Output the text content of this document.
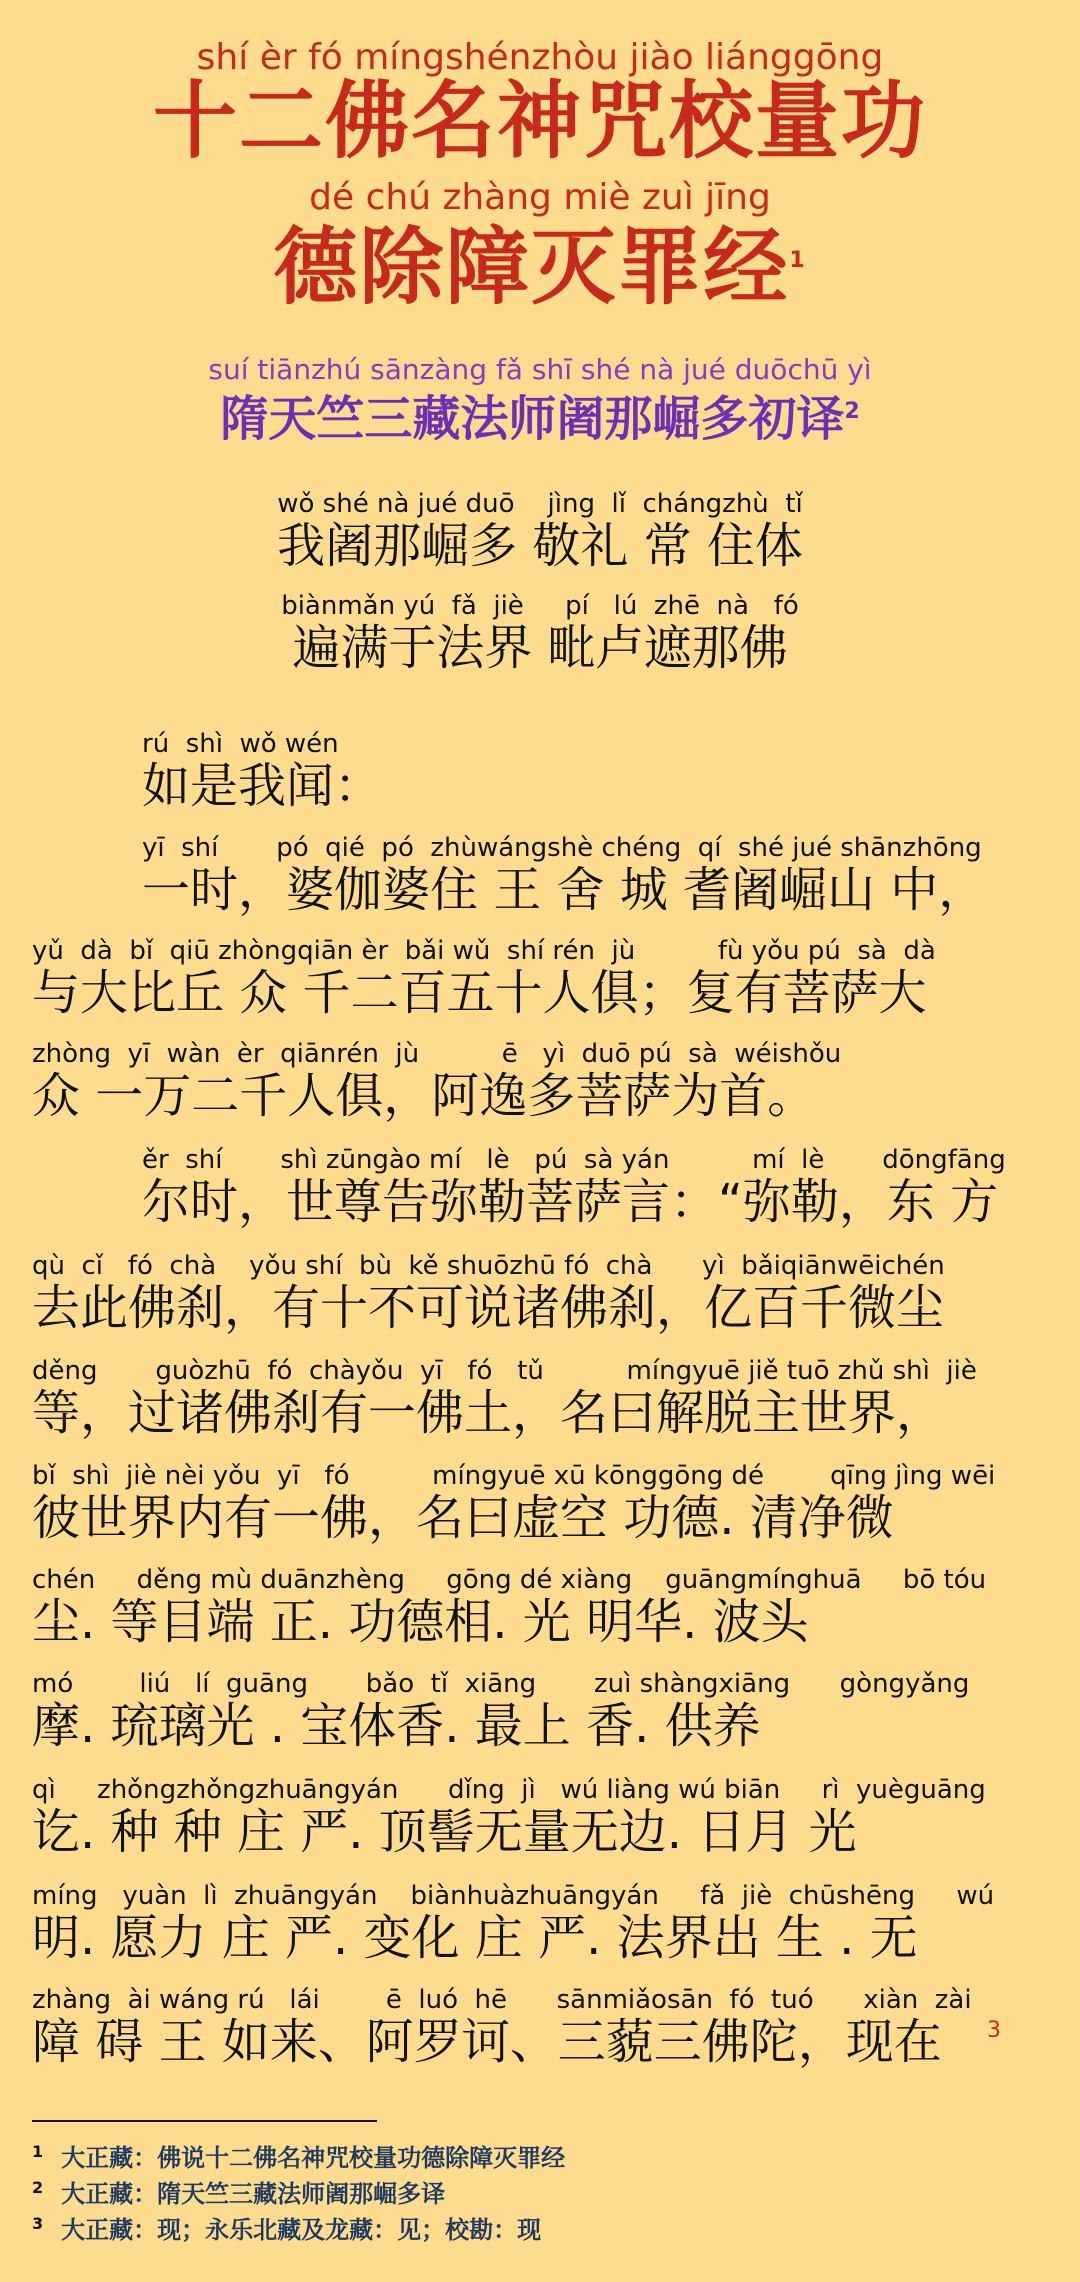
shí èr fó míngshénzhòu jiào liánggōng
十二佛名神咒校量功
dé chú zhàng miè zuì jīng
德除障灭罪经$^1$
suí tiānzhú sānzàng fǎ shī shé nà jué duōchū yì
隋天竺三藏法师阇那崛多初译$^2$
wǒ shé nà jué duō    jìng  lǐ  chángzhù  tǐ
我阇那崛多 敬礼 常 住体
biànmǎn yú  fǎ  jiè     pí   lú  zhē  nà   fó
遍满于法界 毗卢遮那佛
rú  shì  wǒ wén
如是我闻：
yī  shí       pó  qié  pó  zhùwángshè chéng  qí  shé jué shānzhōng
一时，婆伽婆住 王 舍 城 耆阇崛山 中，
yǔ  dà  bǐ  qiū zhòngqiān èr  bǎi wǔ  shí rén  jù          fù yǒu pú  sà  dà
与大比丘 众 千二百五十人俱；复有菩萨大
zhòng  yī  wàn  èr  qiānrén  jù          ē   yì  duō pú  sà  wéishǒu
众 一万二千人俱，阿逸多菩萨为首。
ěr  shí       shì zūngào mí   lè   pú  sà yán          mí  lè       dōngfāng
尔时，世尊告弥勒菩萨言：“弥勒，东 方
qù  cǐ   fó  chà    yǒu shí  bù  kě shuōzhū fó  chà      yì  bǎiqiānwēichén
去此佛刹，有十不可说诸佛刹，亿百千微尘
děng       guòzhū  fó  chàyǒu  yī   fó   tǔ          míngyuē jiě tuō zhǔ shì  jiè
等，过诸佛刹有一佛土，名曰解脱主世界，
bǐ  shì  jiè nèi yǒu  yī   fó          míngyuē xū kōnggōng dé        qīng jìng wēi
彼世界内有一佛，名曰虚空 功德. 清净微
chén     děng mù duānzhèng     gōng dé xiàng    guāngmínghuā     bō tóu
尘. 等目端 正. 功德相. 光 明华. 波头
mó        liú   lí  guāng       bǎo  tǐ  xiāng       zuì shàngxiāng      gòngyǎng
摩. 琉璃光 . 宝体香. 最上 香. 供养
qì     zhǒngzhǒngzhuāngyán      dǐng  jì   wú liàng wú biān     rì  yuèguāng
讫. 种 种 庄 严. 顶髻无量无边. 日月 光
míng   yuàn  lì  zhuāngyán    biànhuàzhuāngyán     fǎ  jiè  chūshēng     wú
明. 愿力 庄 严. 变化 庄 严. 法界出 生 . 无
zhàng  ài wáng rú   lái        ē  luó  hē      sānmiǎosān  fó  tuó      xiàn  zài
障 碍 王 如来、阿罗诃、三藐三佛陀，现在	3
$^1$ 大正藏：佛说十二佛名神咒校量功德除障灭罪经
$^2$ 大正藏：隋天竺三藏法师阇那崛多译
$^3$ 大正藏：现；永乐北藏及龙藏：见；校勘：现
